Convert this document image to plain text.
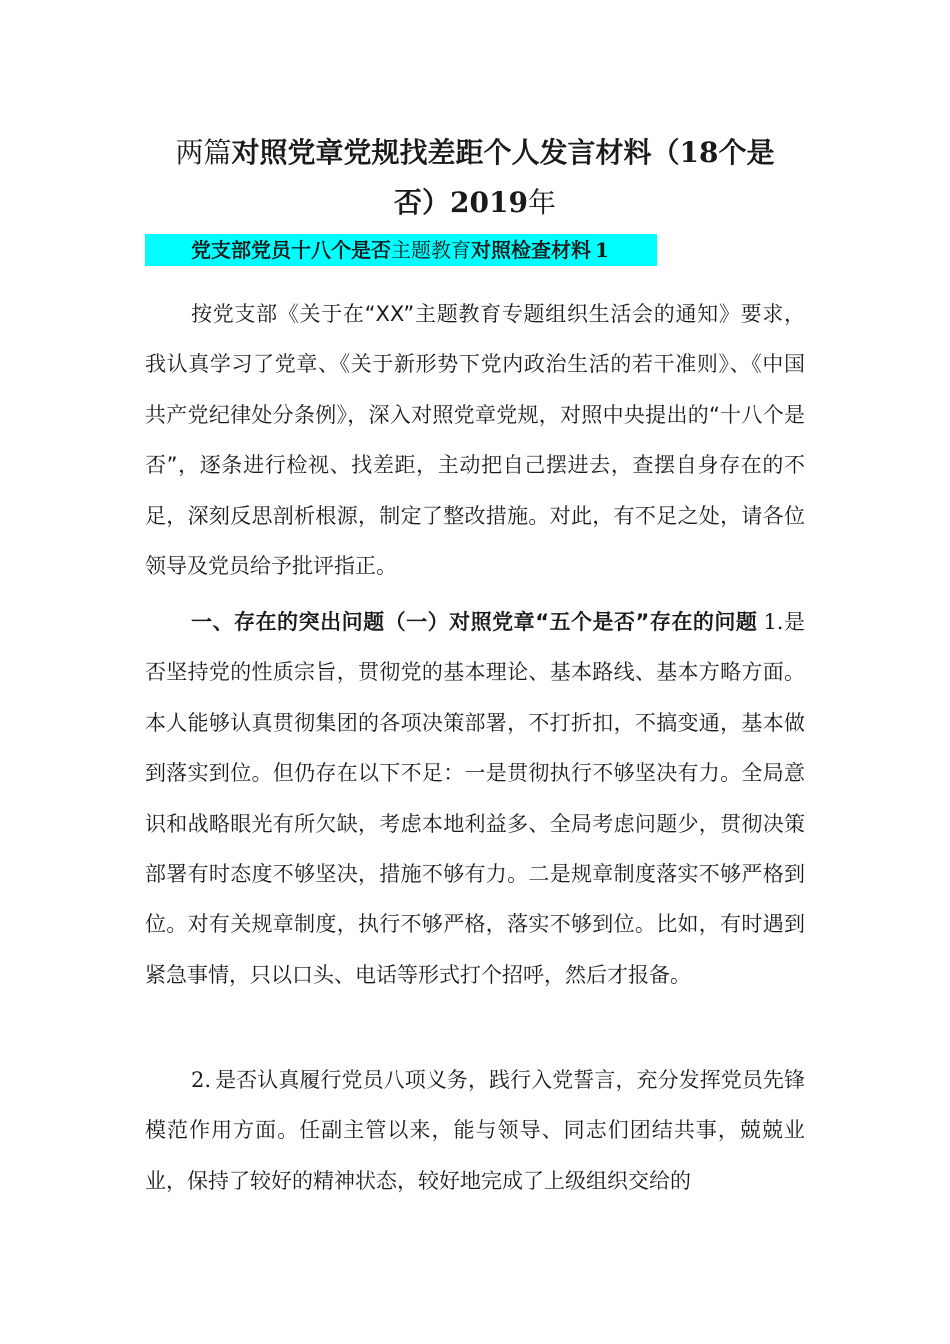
两篇对照党章党规找差距个人发言材料（18个是
否）2019年
党支部党员十八个是否主题教育对照检查材料 1

按党支部《关于在“XX”主题教育专题组织生活会的通知》要求，我认真学习了党章、《关于新形势下党内政治生活的若干准则》、《中国共产党纪律处分条例》，深入对照党章党规，对照中央提出的“十八个是否”，逐条进行检视、找差距，主动把自己摆进去，查摆自身存在的不足，深刻反思剖析根源，制定了整改措施。对此，有不足之处，请各位领导及党员给予批评指正。

一、存在的突出问题（一）对照党章“五个是否”存在的问题 1.是否坚持党的性质宗旨，贯彻党的基本理论、基本路线、基本方略方面。本人能够认真贯彻集团的各项决策部署，不打折扣，不搞变通，基本做到落实到位。但仍存在以下不足：一是贯彻执行不够坚决有力。全局意识和战略眼光有所欠缺，考虑本地利益多、全局考虑问题少，贯彻决策部署有时态度不够坚决，措施不够有力。二是规章制度落实不够严格到位。对有关规章制度，执行不够严格，落实不够到位。比如，有时遇到紧急事情，只以口头、电话等形式打个招呼，然后才报备。

2. 是否认真履行党员八项义务，践行入党誓言，充分发挥党员先锋模范作用方面。任副主管以来，能与领导、同志们团结共事，兢兢业业，保持了较好的精神状态，较好地完成了上级组织交给的
